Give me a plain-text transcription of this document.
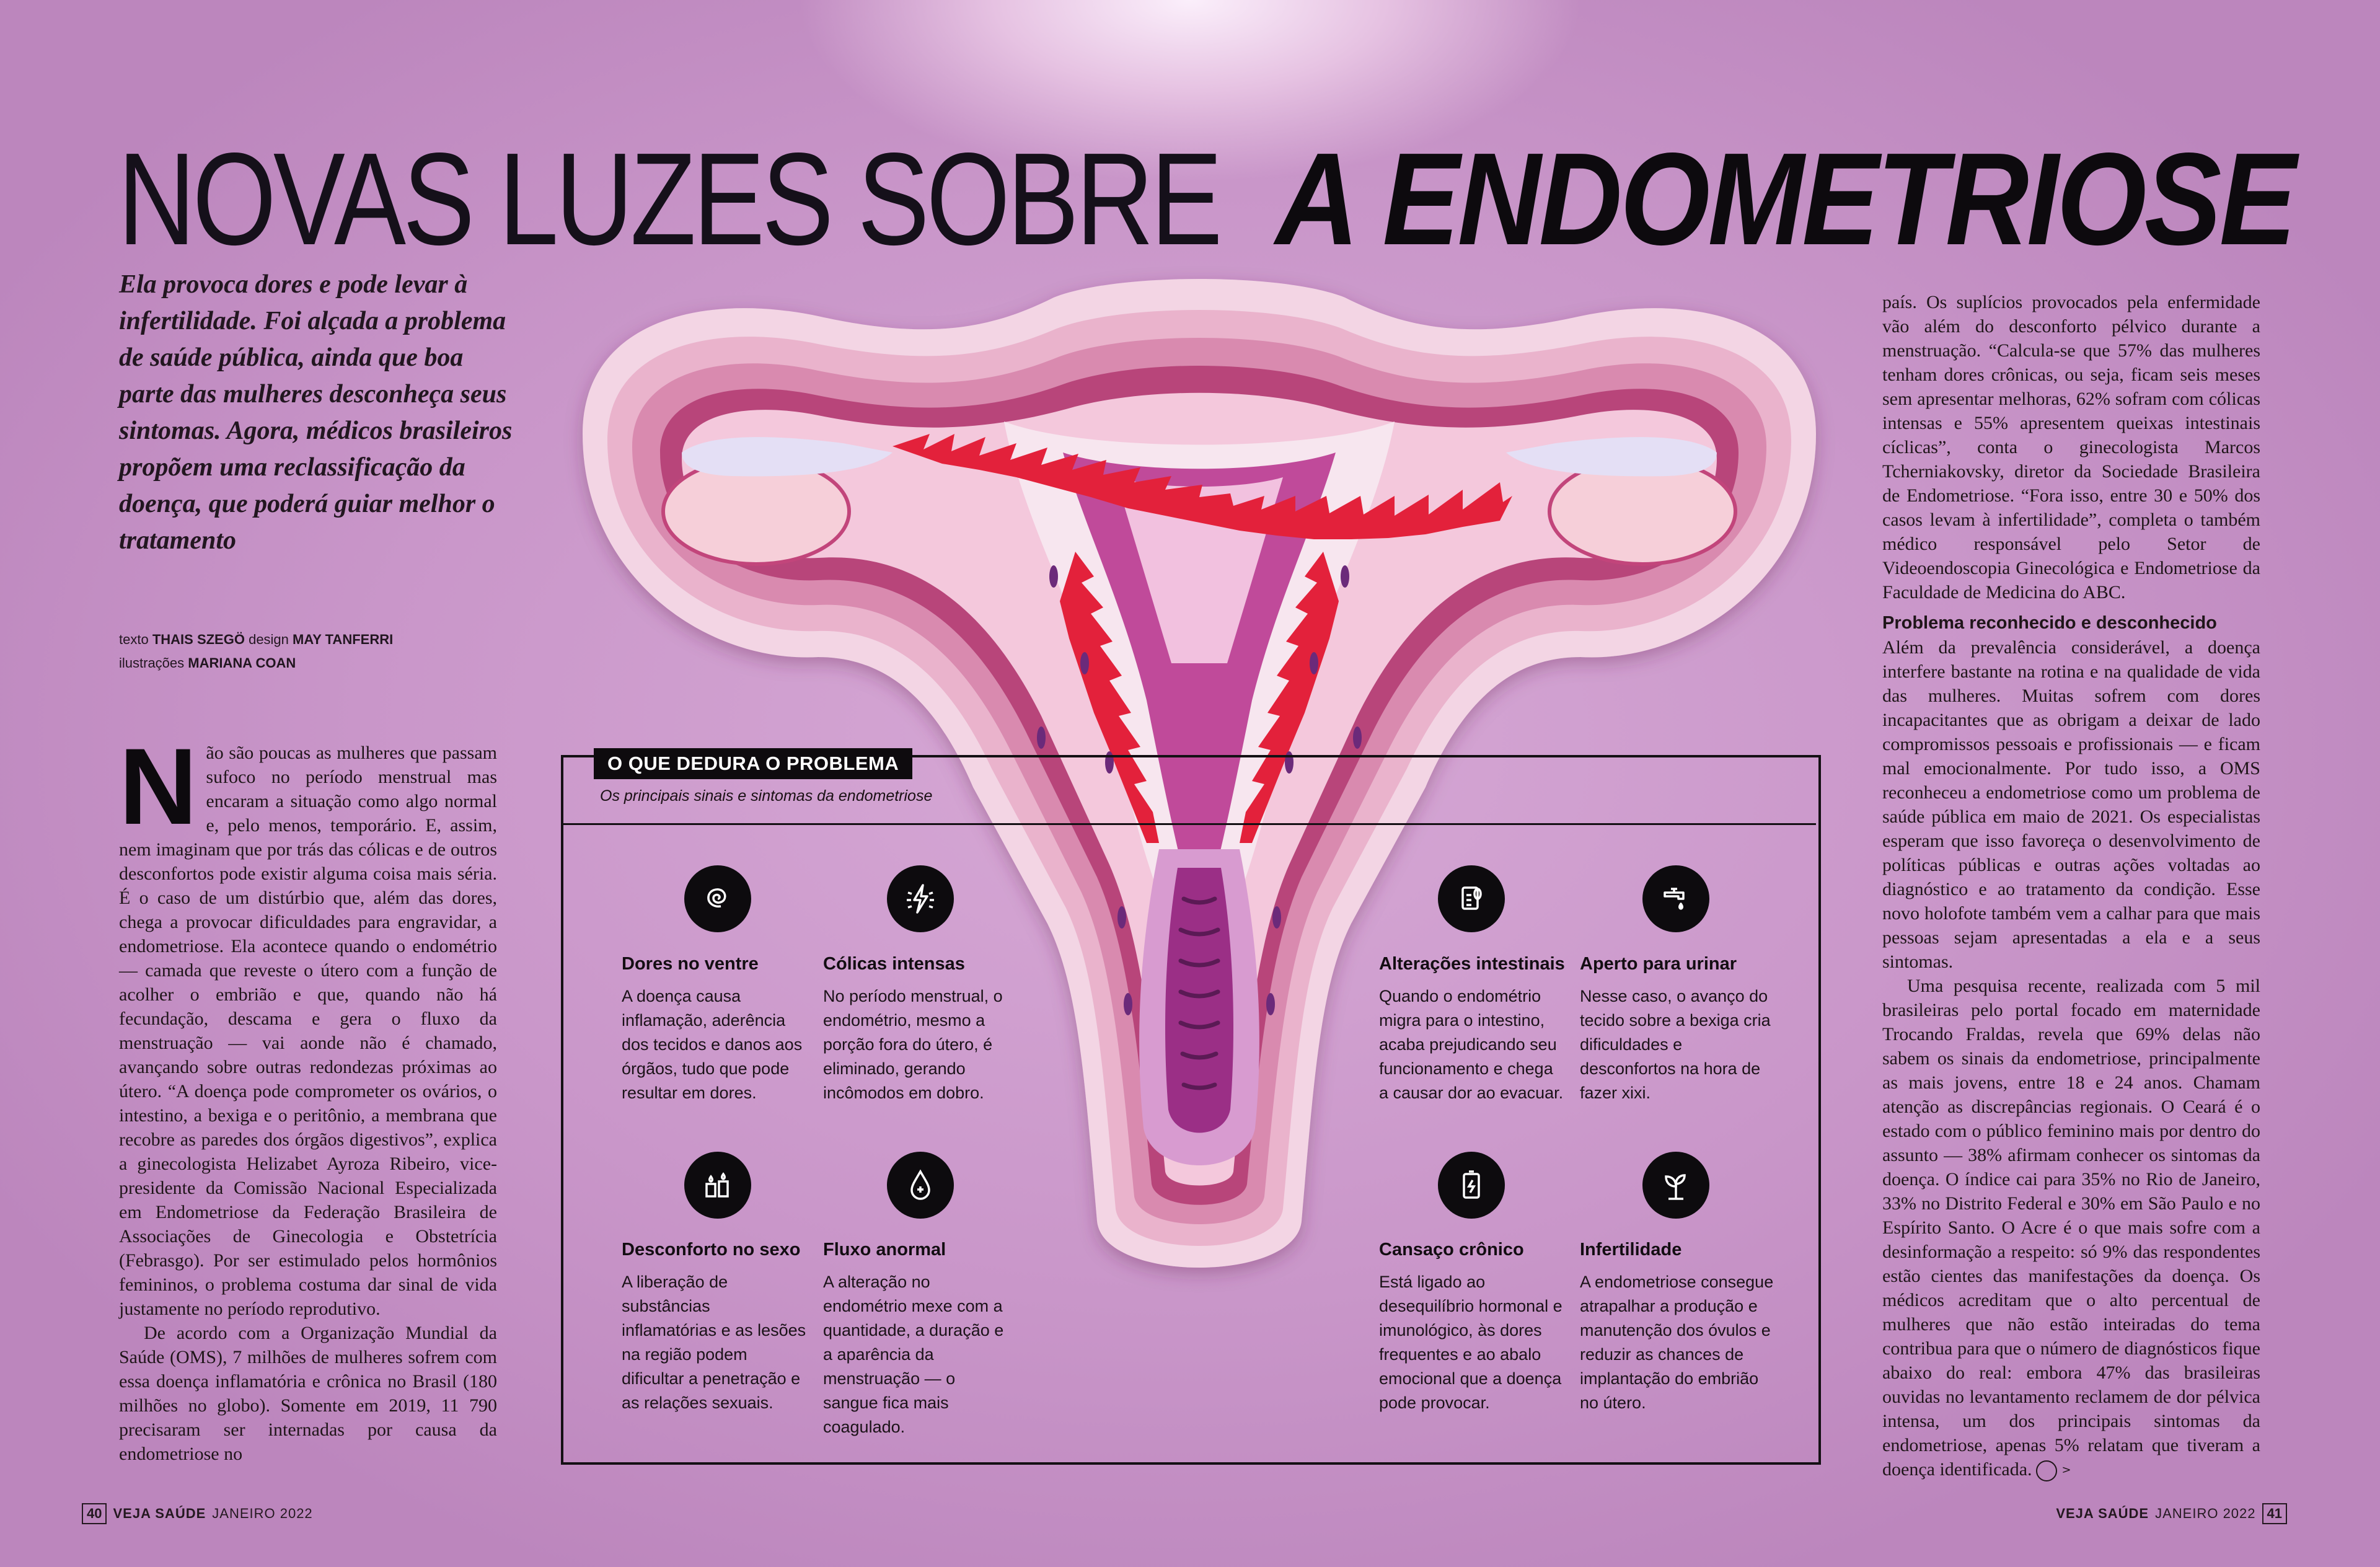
NOVAS LUZES SOBRE A ENDOMETRIOSE
Ela provoca dores e pode levar à infertilidade. Foi alçada a problema de saúde pública, ainda que boa parte das mulheres desconheça seus sintomas. Agora, médicos brasileiros propõem uma reclassificação da doença, que poderá guiar melhor o tratamento
texto THAIS SZEGÖ design MAY TANFERRI
ilustrações MARIANA COAN

Não são poucas as mulheres que passam sufoco no período menstrual mas encaram a situação como algo normal e, pelo menos, temporário. E, assim, nem imaginam que por trás das cólicas e de outros desconfortos pode existir alguma coisa mais séria. É o caso de um distúrbio que, além das dores, chega a provocar dificuldades para engravidar, a endometriose. Ela acontece quando o endométrio — camada que reveste o útero com a função de acolher o embrião e que, quando não há fecundação, descama e gera o fluxo da menstruação — vai aonde não é chamado, avançando sobre outras redondezas próximas ao útero. “A doença pode comprometer os ovários, o intestino, a bexiga e o peritônio, a membrana que recobre as paredes dos órgãos digestivos”, explica a ginecologista Helizabet Ayroza Ribeiro, vice-presidente da Comissão Nacional Especializada em Endometriose da Federação Brasileira de Associações de Ginecologia e Obstetrícia (Febrasgo). Por ser estimulado pelos hormônios femininos, o problema costuma dar sinal de vida justamente no período reprodutivo.

De acordo com a Organização Mundial da Saúde (OMS), 7 milhões de mulheres sofrem com essa doença inflamatória e crônica no Brasil (180 milhões no globo). Somente em 2019, 11 790 precisaram ser internadas por causa da endometriose no

país. Os suplícios provocados pela enfermidade vão além do desconforto pélvico durante a menstruação. “Calcula-se que 57% das mulheres tenham dores crônicas, ou seja, ficam seis meses sem apresentar melhoras, 62% sofram com cólicas intensas e 55% apresentem queixas intestinais cíclicas”, conta o ginecologista Marcos Tcherniakovsky, diretor da Sociedade Brasileira de Endometriose. “Fora isso, entre 30 e 50% dos casos levam à infertilidade”, completa o também médico responsável pelo Setor de Videoendoscopia Ginecológica e Endometriose da Faculdade de Medicina do ABC.

Problema reconhecido e desconhecido

Além da prevalência considerável, a doença interfere bastante na rotina e na qualidade de vida das mulheres. Muitas sofrem com dores incapacitantes que as obrigam a deixar de lado compromissos pessoais e profissionais — e ficam mal emocionalmente. Por tudo isso, a OMS reconheceu a endometriose como um problema de saúde pública em maio de 2021. Os especialistas esperam que isso favoreça o desenvolvimento de políticas públicas e outras ações voltadas ao diagnóstico e ao tratamento da condição. Esse novo holofote também vem a calhar para que mais pessoas sejam apresentadas a ela e a seus sintomas.

Uma pesquisa recente, realizada com 5 mil brasileiras pelo portal focado em maternidade Trocando Fraldas, revela que 69% delas não sabem os sinais da endometriose, principalmente as mais jovens, entre 18 e 24 anos. Chamam atenção as discrepâncias regionais. O Ceará é o estado com o público feminino mais por dentro do assunto — 38% afirmam conhecer os sintomas da doença. O índice cai para 35% no Rio de Janeiro, 33% no Distrito Federal e 30% em São Paulo e no Espírito Santo. O Acre é o que mais sofre com a desinformação a respeito: só 9% das respondentes estão cientes das manifestações da doença. Os médicos acreditam que o alto percentual de mulheres que não estão inteiradas do tema contribua para que o número de diagnósticos fique abaixo do real: embora 47% das brasileiras ouvidas no levantamento reclamem de dor pélvica intensa, um dos principais sintomas da endometriose, apenas 5% relatam que tiveram a doença identificada.	>

O QUE DEDURA O PROBLEMA
Os principais sinais e sintomas da endometriose
Dores no ventre
A doença causa inflamação, aderência dos tecidos e danos aos órgãos, tudo que pode resultar em dores.
Cólicas intensas
No período menstrual, o endométrio, mesmo a porção fora do útero, é eliminado, gerando incômodos em dobro.
Alterações intestinais
Quando o endométrio migra para o intestino, acaba prejudicando seu funcionamento e chega a causar dor ao evacuar.
Aperto para urinar
Nesse caso, o avanço do tecido sobre a bexiga cria dificuldades e desconfortos na hora de fazer xixi.
Desconforto no sexo
A liberação de substâncias inflamatórias e as lesões na região podem dificultar a penetração e as relações sexuais.
Fluxo anormal
A alteração no endométrio mexe com a quantidade, a duração e a aparência da menstruação — o sangue fica mais coagulado.
Cansaço crônico
Está ligado ao desequilíbrio hormonal e imunológico, às dores frequentes e ao abalo emocional que a doença pode provocar.
Infertilidade
A endometriose consegue atrapalhar a produção e manutenção dos óvulos e reduzir as chances de implantação do embrião no útero.
40 VEJA SAÚDE JANEIRO 2022	VEJA SAÚDE JANEIRO 2022 41
